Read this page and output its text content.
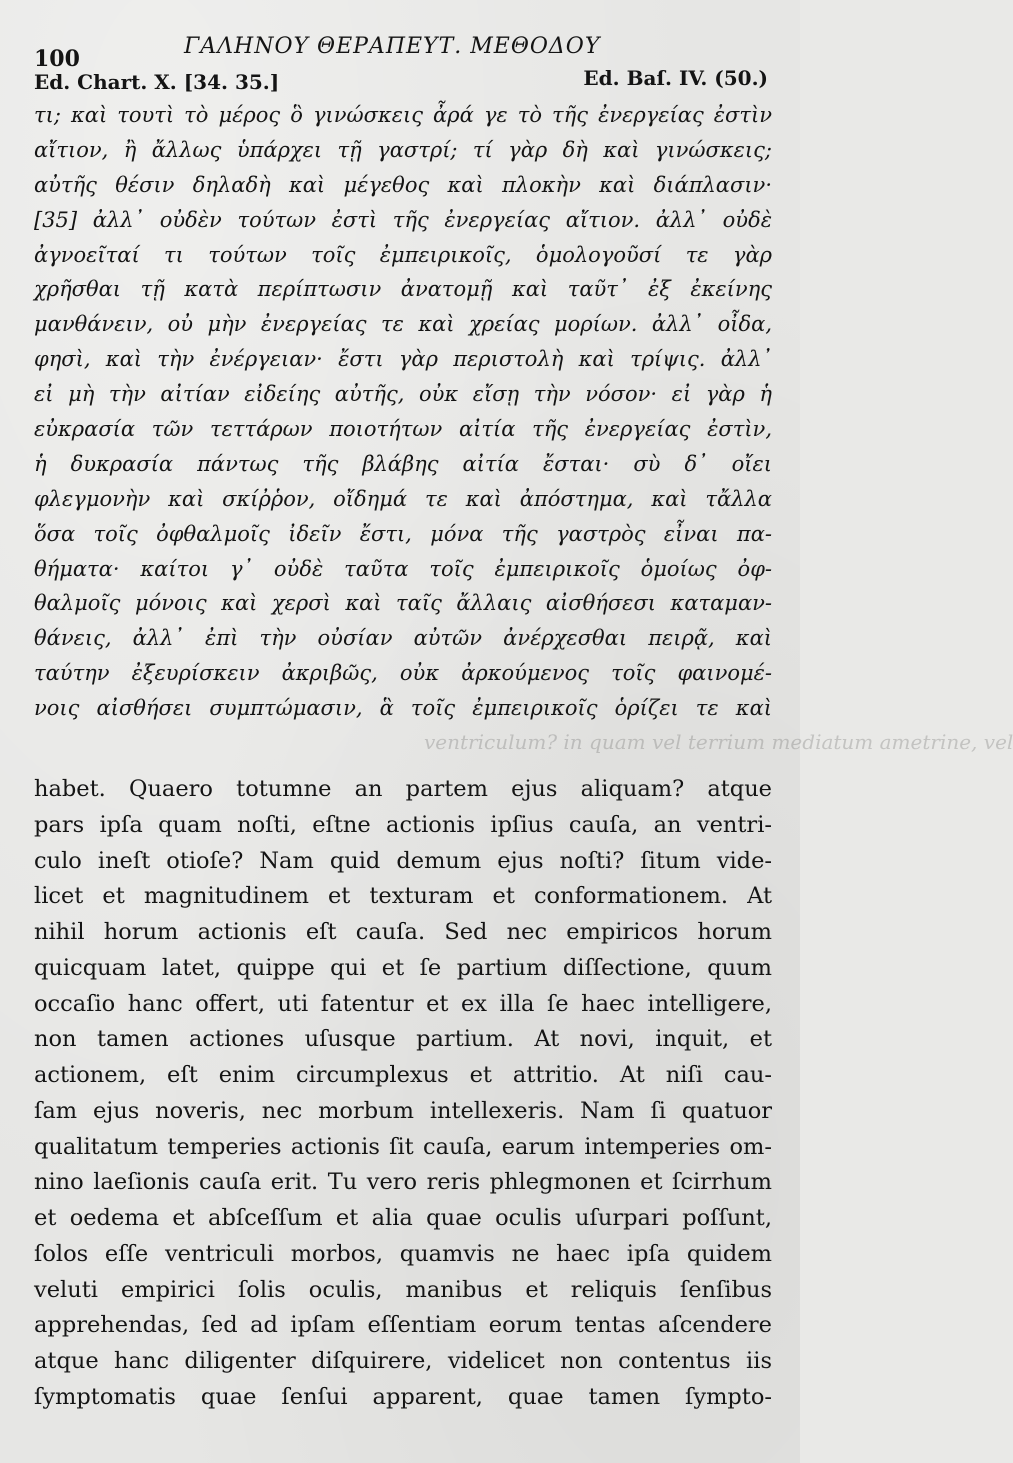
100	ΓΑΛΗΝΟΥ ΘΕΡΑΠΕΥΤ. ΜΕΘΟΔΟΥ
Ed. Chart. X. [34. 35.]	Ed. Baſ. IV. (50.)
τι; καὶ τουτὶ τὸ μέρος ὃ γινώσκεις ἆρά γε τὸ τῆς ἐνεργείας ἐστὶν
αἴτιον, ἢ ἄλλως ὑπάρχει τῇ γαστρί; τί γὰρ δὴ καὶ γινώσκεις;
αὐτῆς θέσιν δηλαδὴ καὶ μέγεθος καὶ πλοκὴν καὶ διάπλασιν·
[35] ἀλλ᾽ οὐδὲν τούτων ἐστὶ τῆς ἐνεργείας αἴτιον. ἀλλ᾽ οὐδὲ
ἀγνοεῖταί τι τούτων τοῖς ἐμπειρικοῖς, ὁμολογοῦσί τε γὰρ
χρῆσθαι τῇ κατὰ περίπτωσιν ἀνατομῇ καὶ ταῦτ᾽ ἐξ ἐκείνης
μανθάνειν, οὐ μὴν ἐνεργείας τε καὶ χρείας μορίων. ἀλλ᾽ οἶδα,
φησὶ, καὶ τὴν ἐνέργειαν· ἔστι γὰρ περιστολὴ καὶ τρίψις. ἀλλ᾽
εἰ μὴ τὴν αἰτίαν εἰδείης αὐτῆς, οὐκ εἴσῃ τὴν νόσον· εἰ γὰρ ἡ
εὐκρασία τῶν τεττάρων ποιοτήτων αἰτία τῆς ἐνεργείας ἐστὶν,
ἡ δυκρασία πάντως τῆς βλάβης αἰτία ἔσται· σὺ δ᾽ οἴει
φλεγμονὴν καὶ σκίῤῥον, οἴδημά τε καὶ ἀπόστημα, καὶ τἄλλα
ὅσα τοῖς ὀφθαλμοῖς ἰδεῖν ἔστι, μόνα τῆς γαστρὸς εἶναι πα-
θήματα· καίτοι γ᾽ οὐδὲ ταῦτα τοῖς ἐμπειρικοῖς ὁμοίως ὀφ-
θαλμοῖς μόνοις καὶ χερσὶ καὶ ταῖς ἄλλαις αἰσθήσεσι καταμαν-
θάνεις, ἀλλ᾽ ἐπὶ τὴν οὐσίαν αὐτῶν ἀνέρχεσθαι πειρᾷ, καὶ
ταύτην ἐξευρίσκειν ἀκριβῶς, οὐκ ἀρκούμενος τοῖς φαινομέ-
νοις αἰσθήσει συμπτώμασιν, ἃ τοῖς ἐμπειρικοῖς ὁρίζει τε καὶ
ventriculum? in quam vel terrium mediatum ametrine, vel
habet. Quaero totumne an partem ejus aliquam? atque
pars ipſa quam noſti, eſtne actionis ipſius cauſa, an ventri-
culo ineſt otioſe? Nam quid demum ejus noſti? ſitum vide-
licet et magnitudinem et texturam et conformationem. At
nihil horum actionis eſt cauſa. Sed nec empiricos horum
quicquam latet, quippe qui et ſe partium diſſectione, quum
occaſio hanc offert, uti fatentur et ex illa ſe haec intelligere,
non tamen actiones uſusque partium. At novi, inquit, et
actionem, eſt enim circumplexus et attritio. At niſi cau-
ſam ejus noveris, nec morbum intellexeris. Nam ſi quatuor
qualitatum temperies actionis ſit cauſa, earum intemperies om-
nino laeſionis cauſa erit. Tu vero reris phlegmonen et ſcirrhum
et oedema et abſceſſum et alia quae oculis uſurpari poſſunt,
ſolos eſſe ventriculi morbos, quamvis ne haec ipſa quidem
veluti empirici ſolis oculis, manibus et reliquis ſenſibus
apprehendas, ſed ad ipſam eſſentiam eorum tentas aſcendere
atque hanc diligenter diſquirere, videlicet non contentus iis
ſymptomatis quae ſenſui apparent, quae tamen ſympto-
